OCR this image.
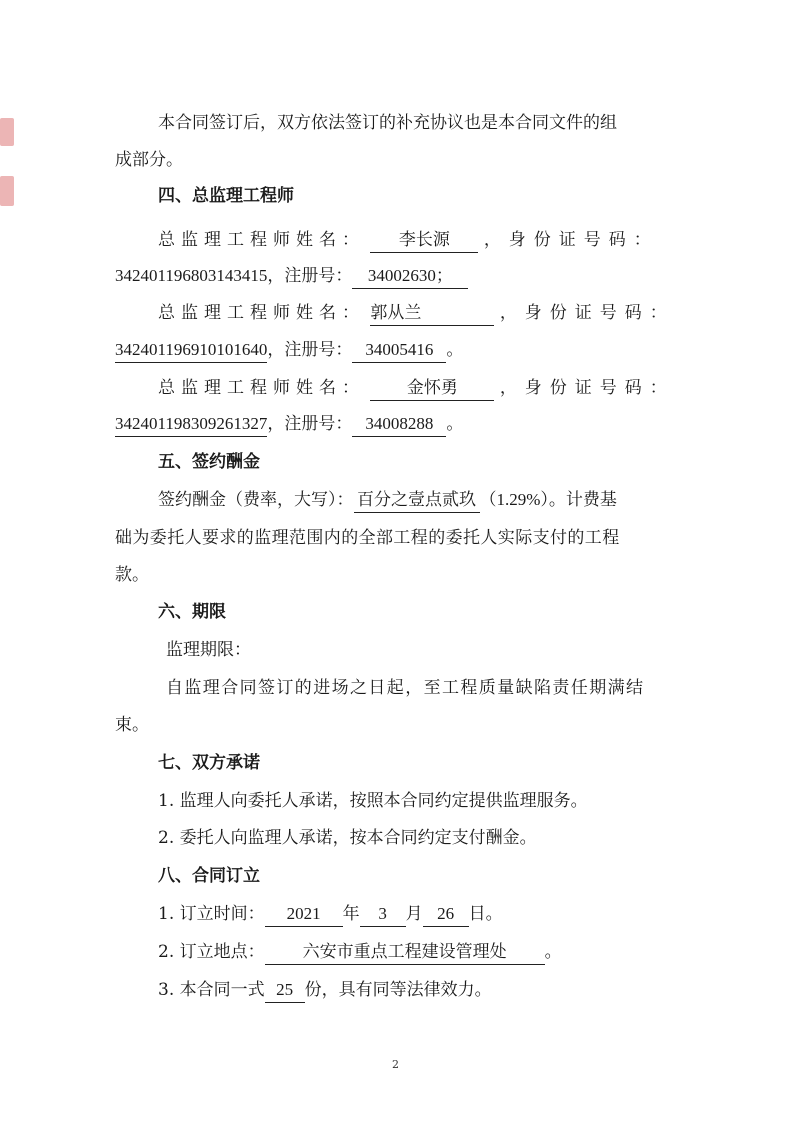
本合同签订后，双方依法签订的补充协议也是本合同文件的组
成部分。
四、总监理工程师
总监理工程师姓名： 李长源 ，身份证号码：
342401196803143415，注册号： 34002630；
总监理工程师姓名： 郭从兰	，身份证号码：
342401196910101640，注册号： 34005416 。
总监理工程师姓名： 金怀勇 ，身份证号码：
342401198309261327，注册号： 34008288 。
五、签约酬金
签约酬金（费率，大写）： 百分之壹点贰玖 （1.29%）。计费基
础为委托人要求的监理范围内的全部工程的委托人实际支付的工程
款。
六、期限
监理期限：
自监理合同签订的进场之日起，至工程质量缺陷责任期满结
束。
七、双方承诺
1. 监理人向委托人承诺，按照本合同约定提供监理服务。
2. 委托人向监理人承诺，按本合同约定支付酬金。
八、合同订立
1. 订立时间： 2021 年 3 月 26 日。
2. 订立地点： 六安市重点工程建设管理处 。
3. 本合同一式 25 份，具有同等法律效力。
2
